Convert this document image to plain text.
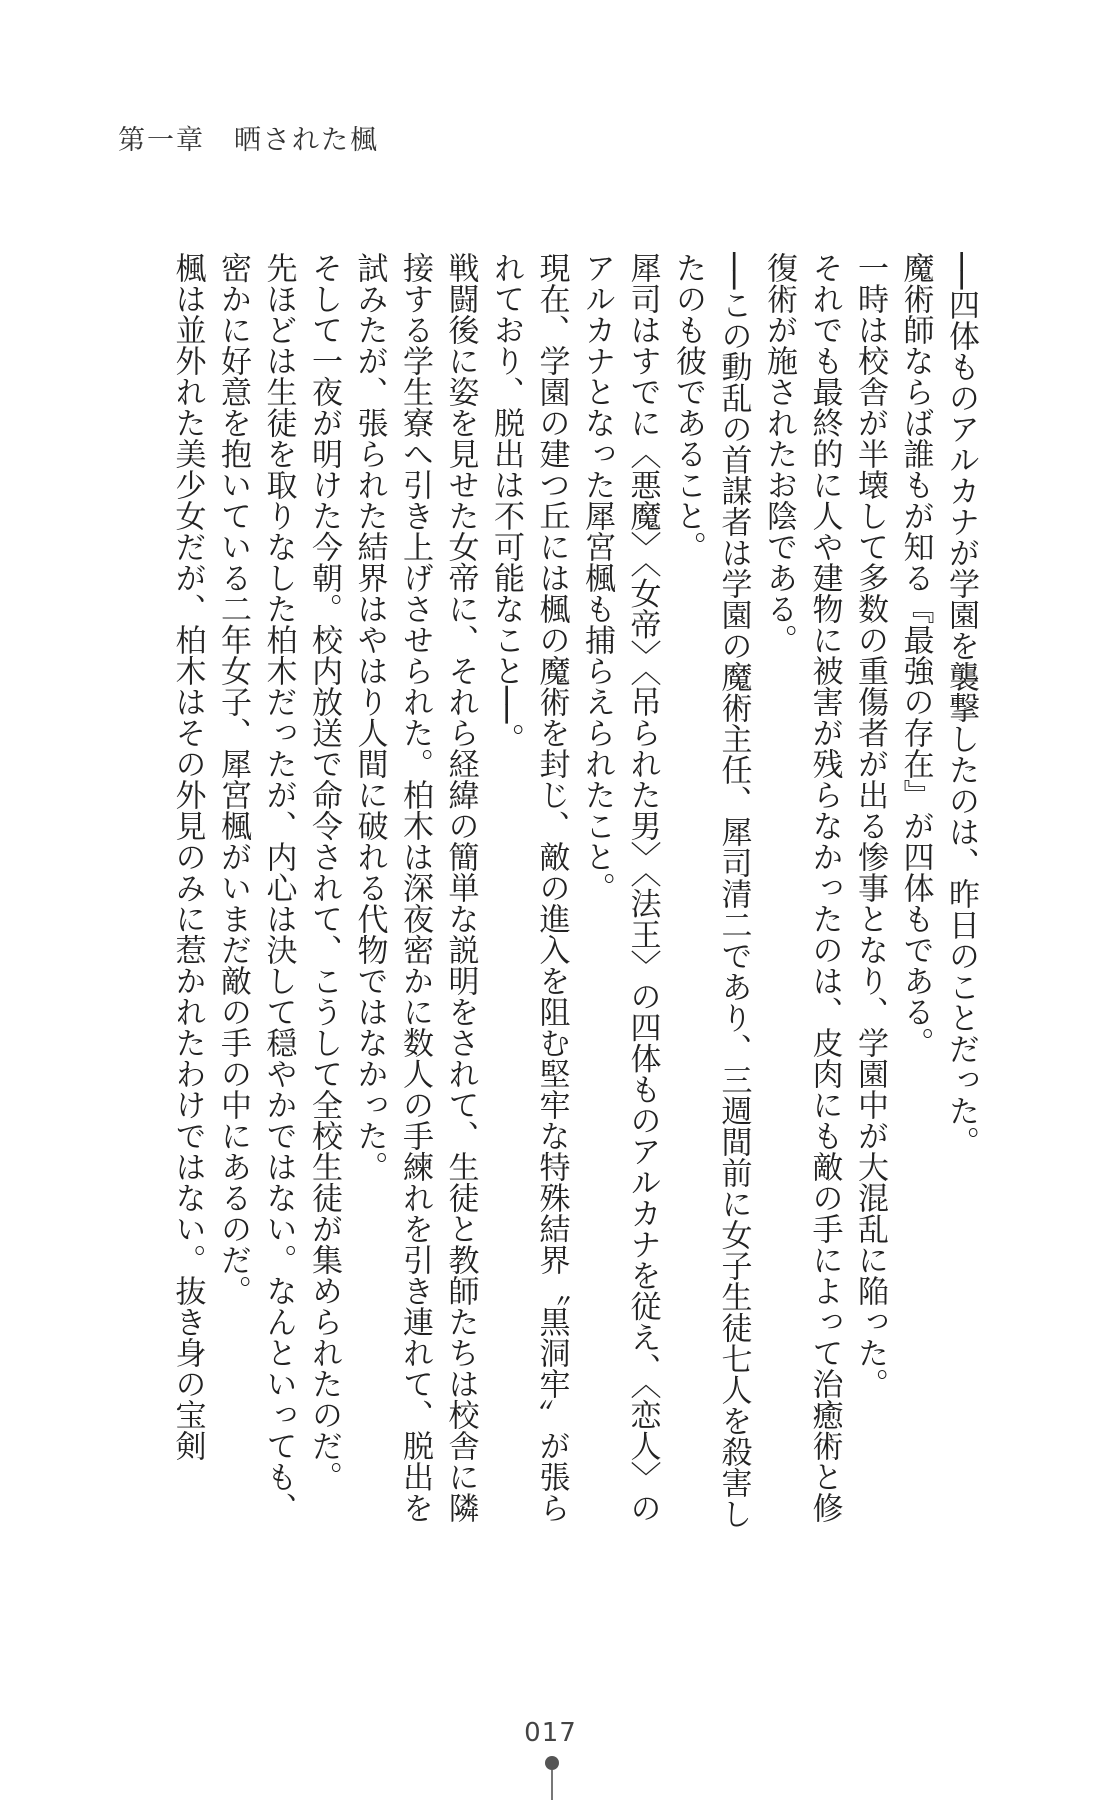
第一章　晒された楓

──四体ものアルカナが学園を襲撃したのは、昨日のことだった。

魔術師ならば誰もが知る『最強の存在』が四体もである。

一時は校舎が半壊して多数の重傷者が出る惨事となり、学園中が大混乱に陥った。

それでも最終的に人や建物に被害が残らなかったのは、皮肉にも敵の手によって治癒術と修復術が施されたお陰である。

──この動乱の首謀者は学園の魔術主任、犀司清二であり、三週間前に女子生徒七人を殺害したのも彼であること。

犀司はすでに〈悪魔〉〈女帝〉〈吊られた男〉〈法王〉の四体ものアルカナを従え、〈恋人〉のアルカナとなった犀宮楓も捕らえられたこと。

現在、学園の建つ丘には楓の魔術を封じ、敵の進入を阻む堅牢な特殊結界〝黒洞牢〟が張られており、脱出は不可能なこと──。

戦闘後に姿を見せた女帝に、それら経緯の簡単な説明をされて、生徒と教師たちは校舎に隣接する学生寮へ引き上げさせられた。柏木は深夜密かに数人の手練れを引き連れて、脱出を試みたが、張られた結界はやはり人間に破れる代物ではなかった。

そして一夜が明けた今朝。校内放送で命令されて、こうして全校生徒が集められたのだ。

先ほどは生徒を取りなした柏木だったが、内心は決して穏やかではない。なんといっても、密かに好意を抱いている二年女子、犀宮楓がいまだ敵の手の中にあるのだ。

楓は並外れた美少女だが、柏木はその外見のみに惹かれたわけではない。抜き身の宝剣

017
